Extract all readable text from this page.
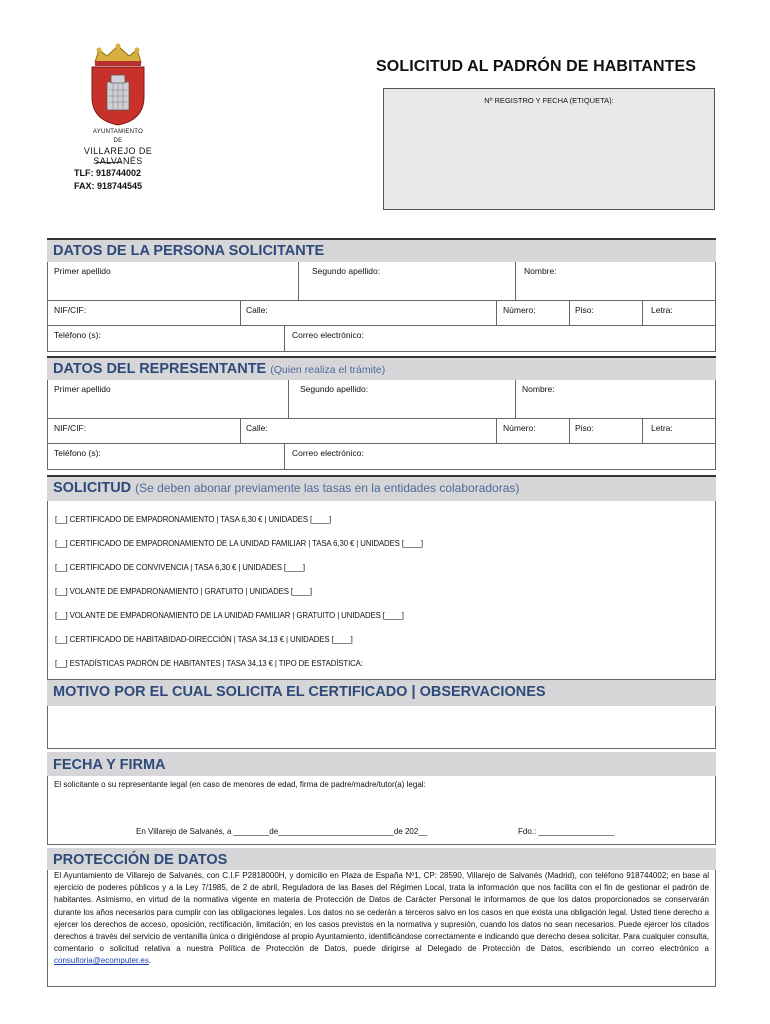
AYUNTAMIENTO
DE
VILLAREJO DE SALVANÉS
TLF: 918744002
FAX: 918744545
SOLICITUD AL PADRÓN DE HABITANTES
Nº REGISTRO Y FECHA (ETIQUETA):
DATOS DE LA PERSONA SOLICITANTE
Primer apellido	Segundo apellido:	Nombre:
NIF/CIF:	Calle:	Número:	Piso:	Letra:
Teléfono (s):	Correo electrónico:
DATOS DEL REPRESENTANTE (Quien realiza el trámite)
Primer apellido	Segundo apellido:	Nombre:
NIF/CIF:	Calle:	Número:	Piso:	Letra:
Teléfono (s):	Correo electrónico:
SOLICITUD (Se deben abonar previamente las tasas en la entidades colaboradoras)
[__] CERTIFICADO DE EMPADRONAMIENTO | TASA 6,30 € | UNIDADES [____]
[__] CERTIFICADO DE EMPADRONAMIENTO DE LA UNIDAD FAMILIAR | TASA 6,30 € | UNIDADES [____]
[__] CERTIFICADO DE CONVIVENCIA | TASA 6,30 € | UNIDADES [____]
[__] VOLANTE DE EMPADRONAMIENTO | GRATUITO | UNIDADES [____]
[__] VOLANTE DE EMPADRONAMIENTO DE LA UNIDAD FAMILIAR | GRATUITO | UNIDADES [____]
[__] CERTIFICADO DE HABITABIDAD-DIRECCIÓN | TASA 34,13 € | UNIDADES [____]
[__] ESTADÍSTICAS PADRÓN DE HABITANTES | TASA 34,13 € | TIPO DE ESTADÍSTICA:
MOTIVO POR EL CUAL SOLICITA EL CERTIFICADO | OBSERVACIONES
FECHA Y FIRMA
El solicitante o su representante legal (en caso de menores de edad, firma de padre/madre/tutor(a) legal:
En Villarejo de Salvanés, a ________de__________________________de 202__	Fdo.: _________________
PROTECCIÓN DE DATOS
El Ayuntamiento de Villarejo de Salvanés, con C.I.F P2818000H, y domicilio en Plaza de España Nº1, CP: 28590, Villarejo de Salvanés (Madrid), con teléfono 918744002; en base al ejercicio de poderes públicos y a la Ley 7/1985, de 2 de abril, Reguladora de las Bases del Régimen Local, trata la información que nos facilita con el fin de gestionar el padrón de habitantes. Asimismo, en virtud de la normativa vigente en materia de Protección de Datos de Carácter Personal le informamos de que los datos proporcionados se conservarán durante los años necesarios para cumplir con las obligaciones legales. Los datos no se cederán a terceros salvo en los casos en que exista una obligación legal. Usted tiene derecho a ejercer los derechos de acceso, oposición, rectificación, limitación; en los casos previstos en la normativa y supresión, cuando los datos no sean necesarios. Puede ejercer los citados derechos a través del servicio de ventanilla única o dirigiéndose al propio Ayuntamiento, identificándose correctamente e indicando que derecho desea solicitar. Para cualquier consulta, comentario o solicitud relativa a nuestra Política de Protección de Datos, puede dirigirse al Delegado de Protección de Datos, escribiendo un correo electrónico a consultoria@ecomputer.es.
